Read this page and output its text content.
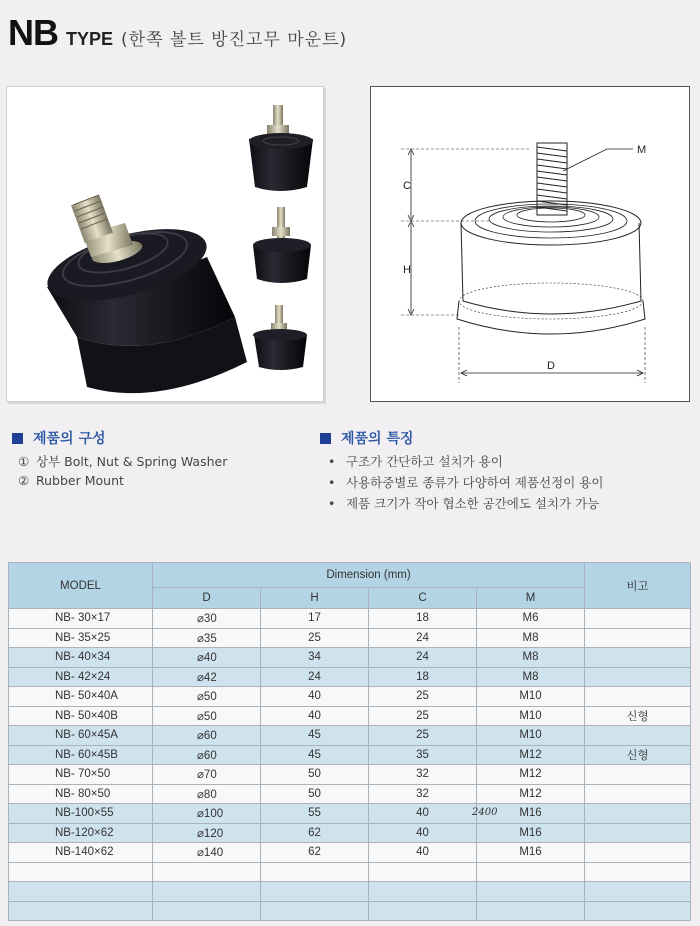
NB TYPE (한쪽 볼트 방진고무 마운트)
C
H
D
M
제품의 구성
① 상부 Bolt, Nut & Spring Washer
② Rubber Mount
제품의 특징
• 구조가 간단하고 설치가 용이
• 사용하중별로 종류가 다양하여 제품선정이 용이
• 제품 크기가 작아 협소한 공간에도 설치가 가능
MODEL	Dimension (mm)				비고
	D	H	C	M	
NB- 30×17	⌀30	17	18	M6	
NB- 35×25	⌀35	25	24	M8	
NB- 40×34	⌀40	34	24	M8	
NB- 42×24	⌀42	24	18	M8	
NB- 50×40A	⌀50	40	25	M10	
NB- 50×40B	⌀50	40	25	M10	신형
NB- 60×45A	⌀60	45	25	M10	
NB- 60×45B	⌀60	45	35	M12	신형
NB- 70×50	⌀70	50	32	M12	
NB- 80×50	⌀80	50	32	M12	
NB-100×55	⌀100	55	40	M16	
NB-120×62	⌀120	62	40	M16	
NB-140×62	⌀140	62	40	M16	

2400
